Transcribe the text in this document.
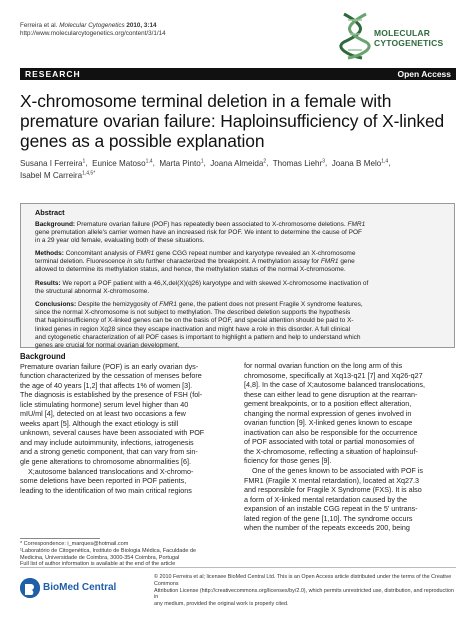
Ferreira et al. Molecular Cytogenetics 2010, 3:14
http://www.molecularcytogenetics.org/content/3/1/14	MOLECULAR
CYTOGENETICS
RESEARCH	Open Access
X-chromosome terminal deletion in a female with premature ovarian failure: Haploinsufficiency of X-linked genes as a possible explanation
Susana I Ferreira$^1$,  Eunice Matoso$^{1,4}$,  Marta Pinto$^1$,  Joana Almeida$^2$,  Thomas Liehr$^3$,  Joana B Melo$^{1,4}$,
Isabel M Carreira$^{1,4,5*}$
Abstract
Background: Premature ovarian failure (POF) has repeatedly been associated to X-chromosome deletions. FMR1
gene premutation allele's carrier women have an increased risk for POF. We intent to determine the cause of POF
in a 29 year old female, evaluating both of these situations.
Methods: Concomitant analysis of FMR1 gene CGG repeat number and karyotype revealed an X-chromosome
terminal deletion. Fluorescence in situ further characterized the breakpoint. A methylation assay for FMR1 gene
allowed to determine its methylation status, and hence, the methylation status of the normal X-chromosome.
Results: We report a POF patient with a 46,X,del(X)(q26) karyotype and with skewed X-chromosome inactivation of
the structural abnormal X-chromosome.
Conclusions: Despite the hemizygosity of FMR1 gene, the patient does not present Fragile X syndrome features,
since the normal X-chromosome is not subject to methylation. The described deletion supports the hypothesis
that haploinsufficiency of X-linked genes can be on the basis of POF, and special attention should be paid to X-
linked genes in region Xq28 since they escape inactivation and might have a role in this disorder. A full clinical
and cytogenetic characterization of all POF cases is important to highlight a pattern and help to understand which
genes are crucial for normal ovarian development.
Background
Premature ovarian failure (POF) is an early ovarian dys-
function characterized by the cessation of menses before
the age of 40 years [1,2] that affects 1% of women [3].
The diagnosis is established by the presence of FSH (fol-
licle stimulating hormone) serum level higher than 40
mIU/ml [4], detected on at least two occasions a few
weeks apart [5]. Although the exact etiology is still
unknown, several causes have been associated with POF
and may include autoimmunity, infections, iatrogenesis
and a strong genetic component, that can vary from sin-
gle gene alterations to chromosome abnormalities [6].
X;autosome balanced translocations and X-chromo-
some deletions have been reported in POF patients,
leading to the identification of two main critical regions
for normal ovarian function on the long arm of this
chromosome, specifically at Xq13-q21 [7] and Xq26-q27
[4,8]. In the case of X;autosome balanced translocations,
these can either lead to gene disruption at the rearran-
gement breakpoints, or to a position effect alteration,
changing the normal expression of genes involved in
ovarian function [9]. X-linked genes known to escape
inactivation can also be responsible for the occurrence
of POF associated with total or partial monosomies of
the X-chromosome, reflecting a situation of haploinsuf-
ficiency for those genes [9].
One of the genes known to be associated with POF is
FMR1 (Fragile X mental retardation), located at Xq27.3
and responsible for Fragile X Syndrome (FXS). It is also
a form of X-linked mental retardation caused by the
expansion of an instable CGG repeat in the 5' untrans-
lated region of the gene [1,10]. The syndrome occurs
when the number of the repeats exceeds 200, being
* Correspondence: i_marques@hotmail.com
¹Laboratório de Citogenética, Instituto de Biologia Médica, Faculdade de
Medicina, Universidade de Coimbra, 3000-354 Coimbra, Portugal
Full list of author information is available at the end of the article
BioMed Central
© 2010 Ferreira et al; licensee BioMed Central Ltd. This is an Open Access article distributed under the terms of the Creative Commons
Attribution License (http://creativecommons.org/licenses/by/2.0), which permits unrestricted use, distribution, and reproduction in
any medium, provided the original work is properly cited.
